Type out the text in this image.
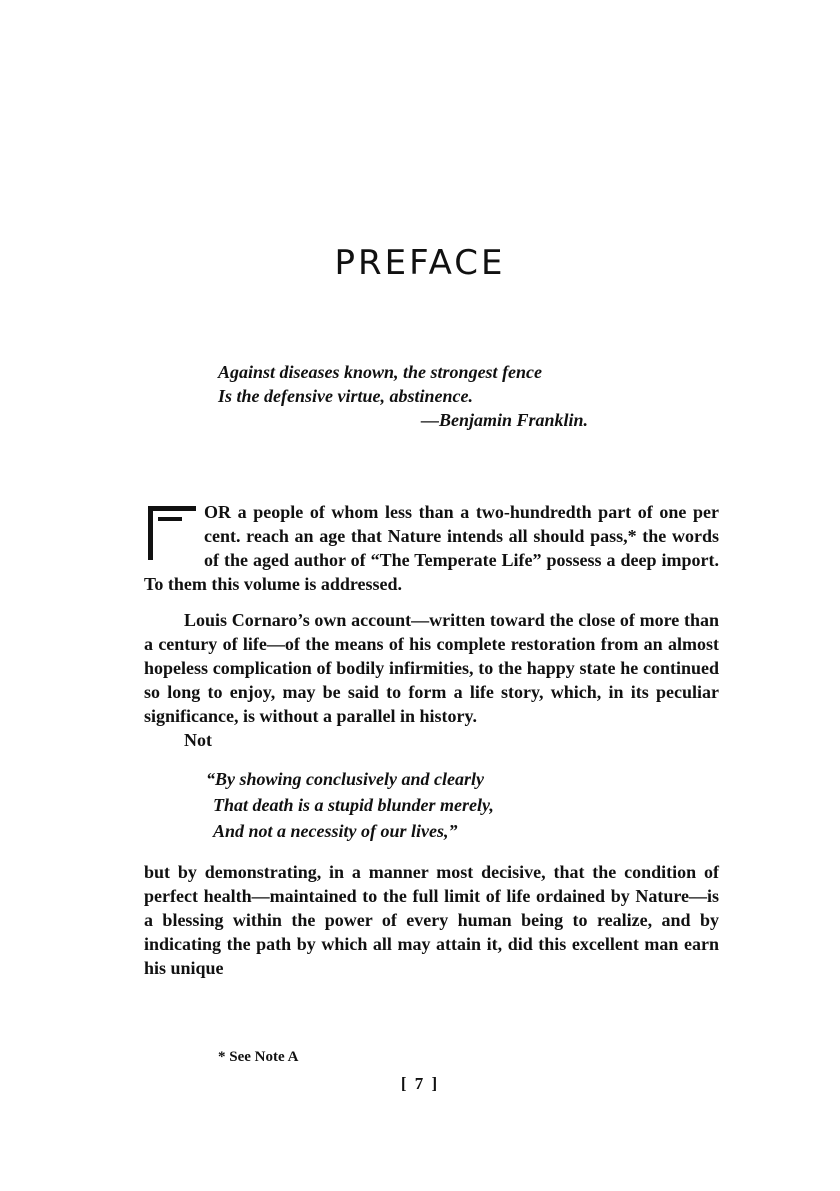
PREFACE
Against diseases known, the strongest fence
Is the defensive virtue, abstinence.
—Benjamin Franklin.

OR a people of whom less than a two-hundredth part of one per cent. reach an age that Nature intends all should pass,* the words of the aged author of “The Temperate Life” possess a deep import. To them this volume is addressed.

Louis Cornaro’s own account—written toward the close of more than a century of life—of the means of his complete restoration from an almost hopeless complication of bodily infirmities, to the happy state he continued so long to enjoy, may be said to form a life story, which, in its peculiar significance, is without a parallel in history.

Not

“By showing conclusively and clearly
That death is a stupid blunder merely,
And not a necessity of our lives,”

but by demonstrating, in a manner most decisive, that the condition of perfect health—maintained to the full limit of life ordained by Nature—is a blessing within the power of every human being to realize, and by indicating the path by which all may attain it, did this excellent man earn his unique

* See Note A
[ 7 ]
